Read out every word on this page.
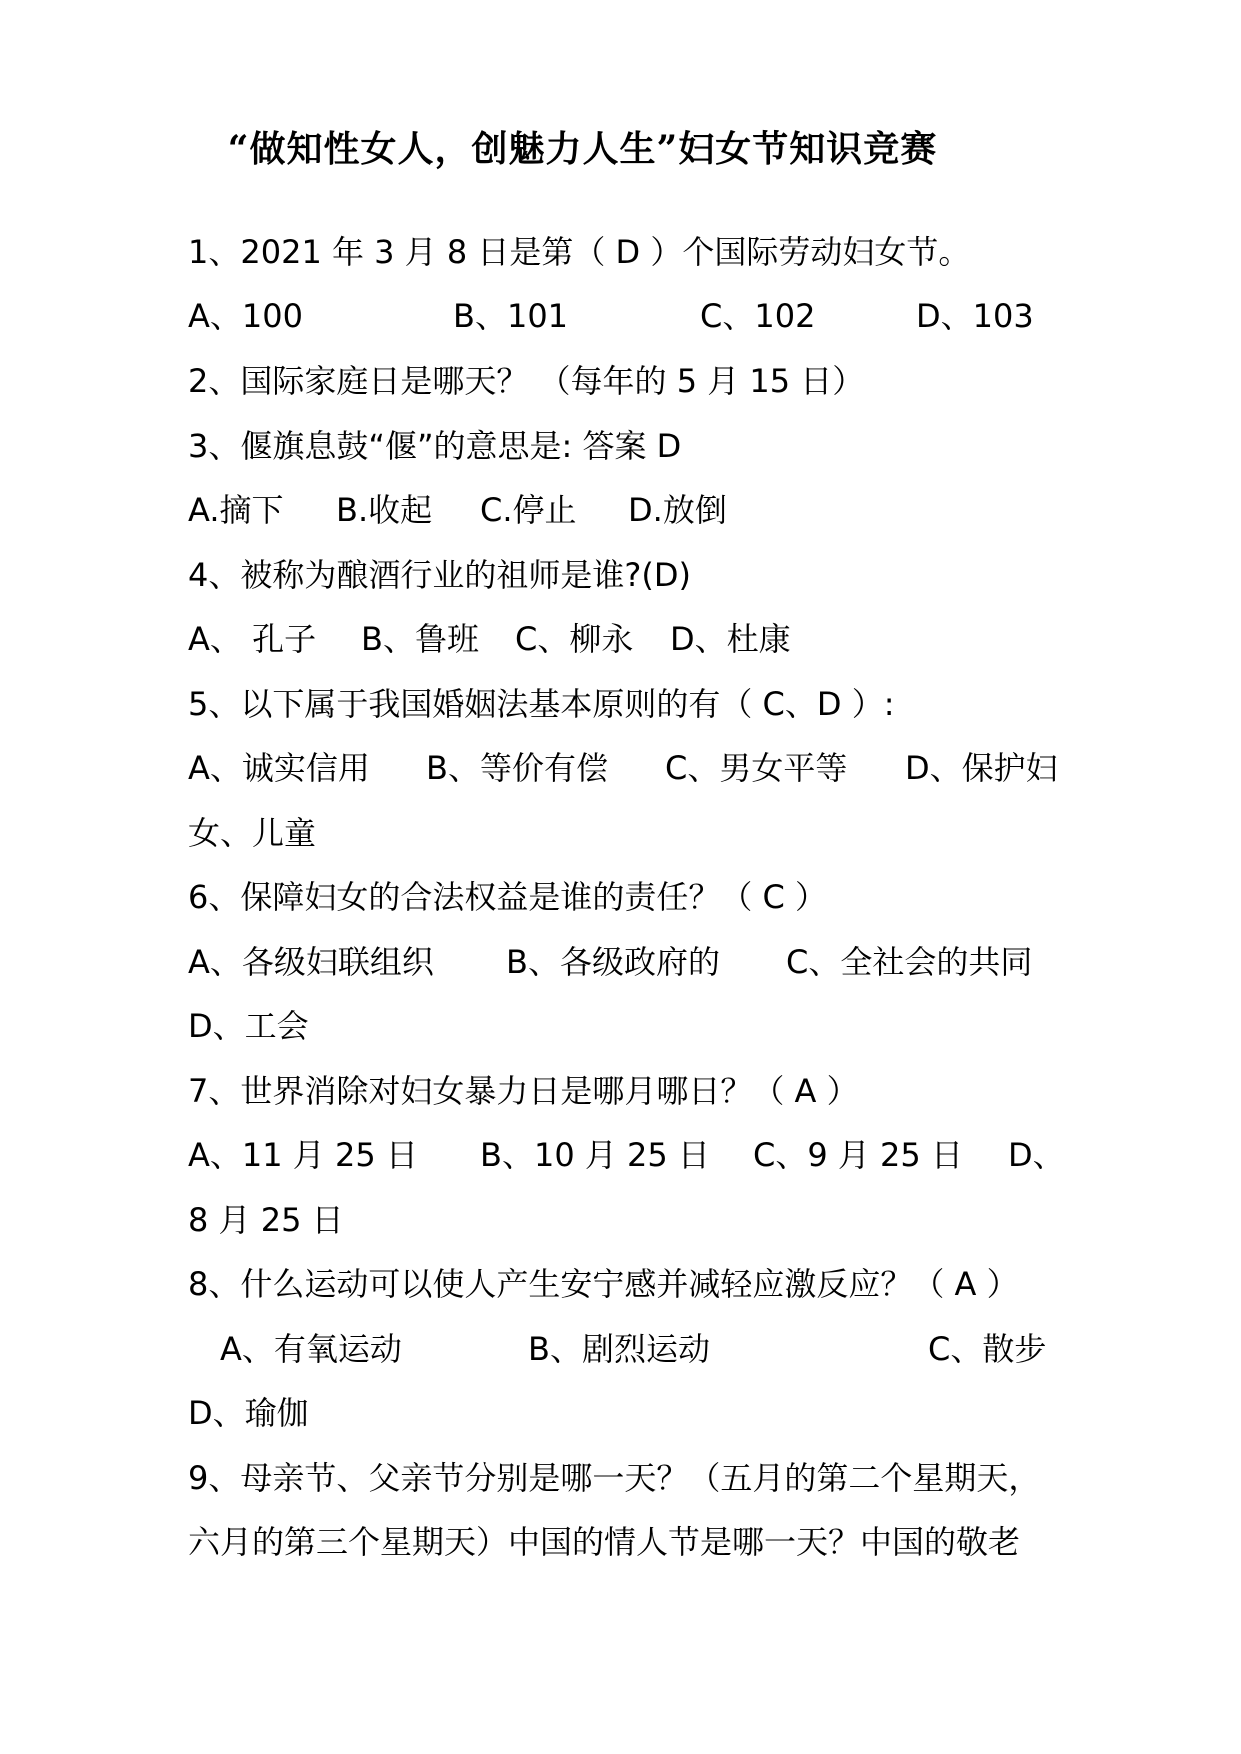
“做知性女人，创魅力人生”妇女节知识竞赛
1、2021 年 3 月 8 日是第（ D ）个国际劳动妇女节。
A、100	B、101	C、102	D、103
2、国际家庭日是哪天？ （每年的 5 月 15 日）
3、偃旗息鼓“偃”的意思是: 答案 D
A.摘下 B.收起 C.停止 D.放倒
4、被称为酿酒行业的祖师是谁?(D)
A、 孔子 B、鲁班 C、柳永 D、杜康
5、以下属于我国婚姻法基本原则的有（ C、D ）:
A、诚实信用 B、等价有偿 C、男女平等 D、保护妇
女、儿童
6、保障妇女的合法权益是谁的责任？（ C ）
A、各级妇联组织 B、各级政府的 C、全社会的共同
D、工会
7、世界消除对妇女暴力日是哪月哪日？（ A ）
A、11 月 25 日 B、10 月 25 日 C、9 月 25 日 D、
8 月 25 日
8、什么运动可以使人产生安宁感并减轻应激反应？（ A ）
A、有氧运动	B、剧烈运动	C、散步
D、瑜伽
9、母亲节、父亲节分别是哪一天？（五月的第二个星期天，
六月的第三个星期天）中国的情人节是哪一天？中国的敬老
